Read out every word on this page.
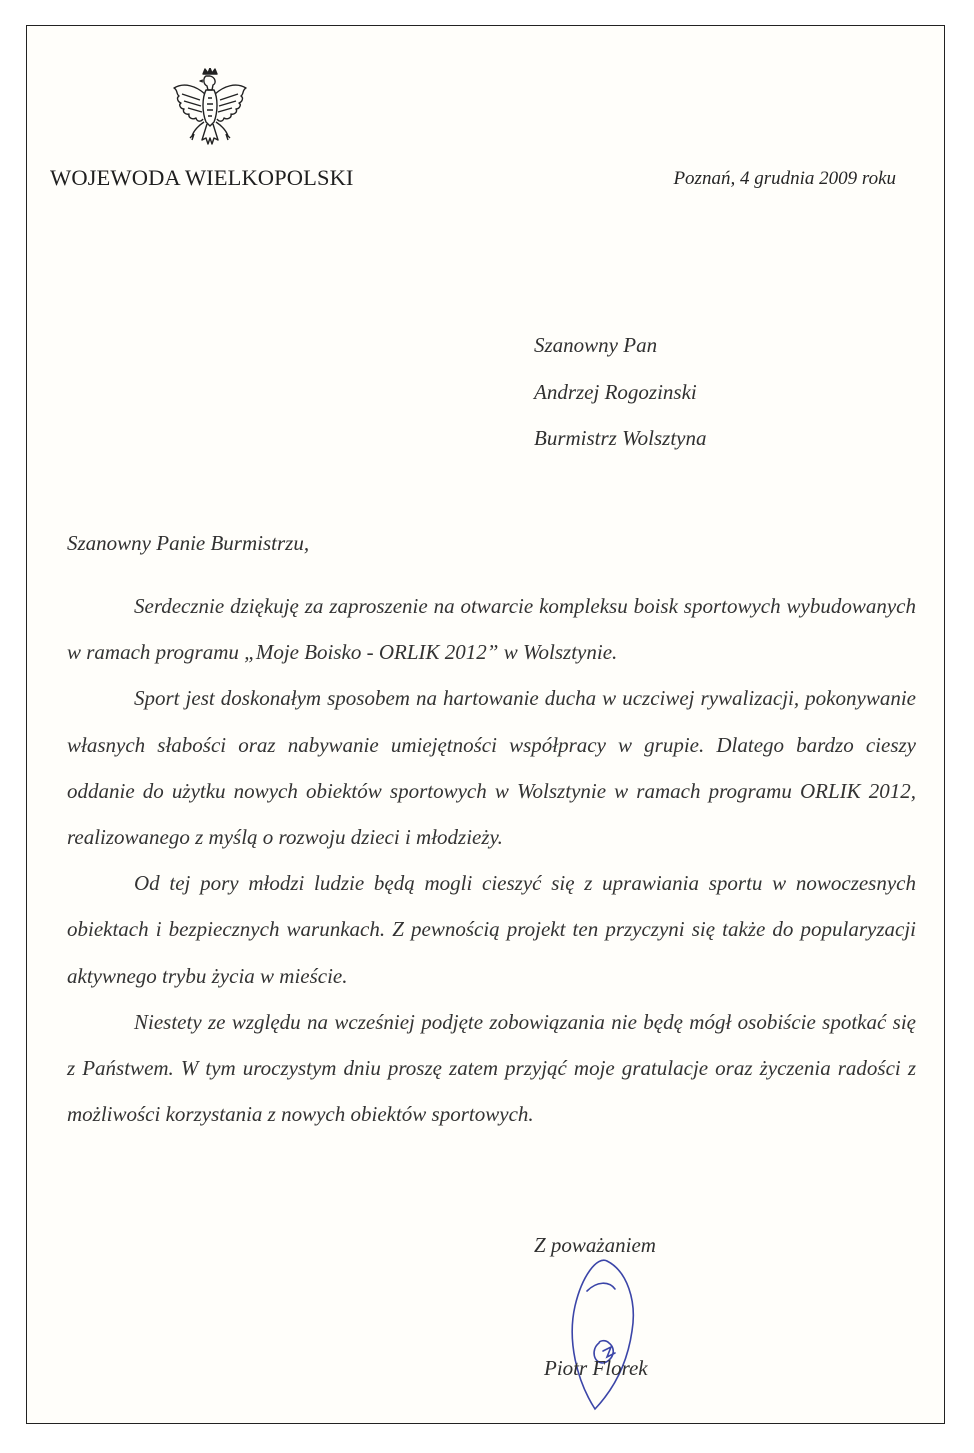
WOJEWODA WIELKOPOLSKI	Poznań, 4 grudnia 2009 roku
Szanowny Pan
Andrzej Rogozinski
Burmistrz Wolsztyna
Szanowny Panie Burmistrzu,

Serdecznie dziękuję za zaproszenie na otwarcie kompleksu boisk sportowych wybudowanych w ramach programu „Moje Boisko - ORLIK 2012” w Wolsztynie.

Sport jest doskonałym sposobem na hartowanie ducha w uczciwej rywalizacji, pokonywanie własnych słabości oraz nabywanie umiejętności współpracy w grupie. Dlatego bardzo cieszy oddanie do użytku nowych obiektów sportowych w Wolsztynie w ramach programu ORLIK 2012, realizowanego z myślą o rozwoju dzieci i młodzieży.

Od tej pory młodzi ludzie będą mogli cieszyć się z uprawiania sportu w nowoczesnych obiektach i bezpiecznych warunkach. Z pewnością projekt ten przyczyni się także do popularyzacji aktywnego trybu życia w mieście.

Niestety ze względu na wcześniej podjęte zobowiązania nie będę mógł osobiście spotkać się z Państwem. W tym uroczystym dniu proszę zatem przyjąć moje gratulacje oraz życzenia radości z możliwości korzystania z nowych obiektów sportowych.

Z poważaniem
Piotr Florek
